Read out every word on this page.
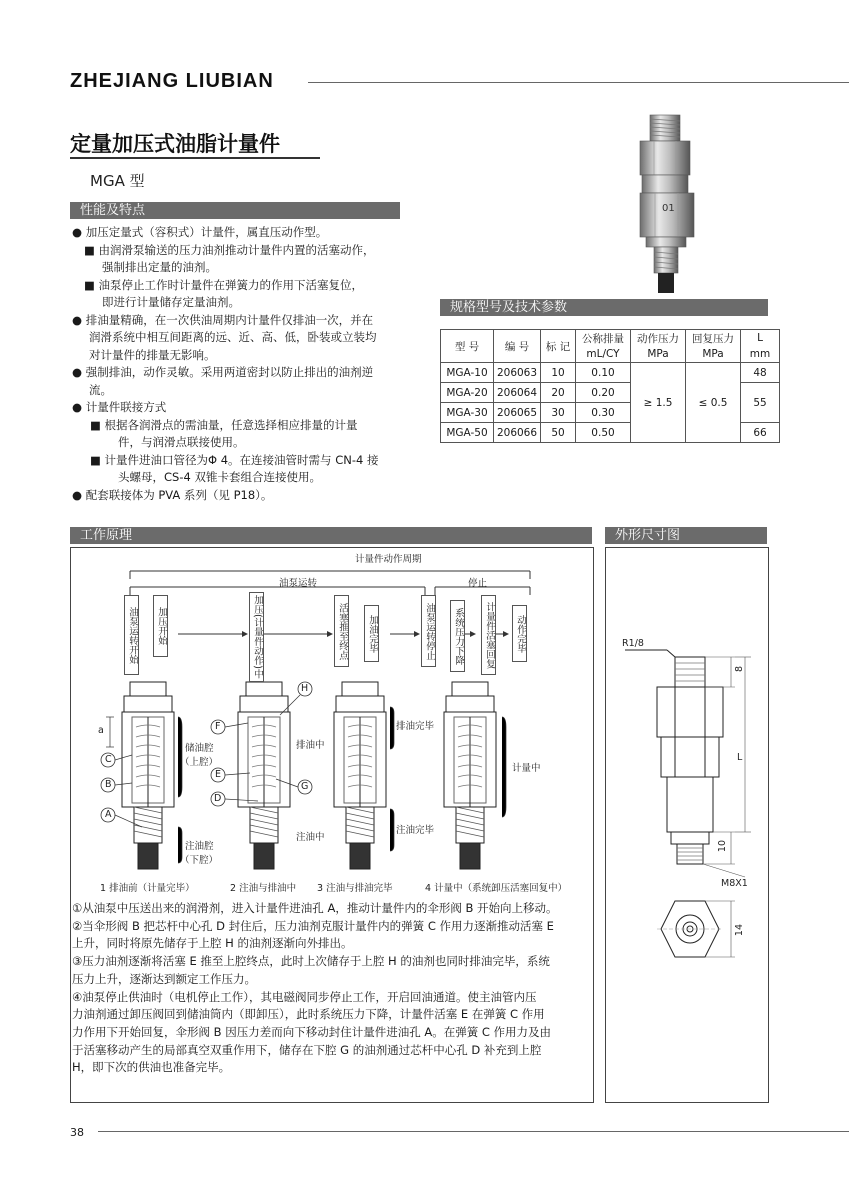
ZHEJIANG LIUBIAN
定量加压式油脂计量件
MGA 型
性能及特点
● 加压定量式（容积式）计量件，属直压动作型。
■ 由润滑泵输送的压力油剂推动计量件内置的活塞动作，
强制排出定量的油剂。
■ 油泵停止工作时计量件在弹簧力的作用下活塞复位，
即进行计量储存定量油剂。
● 排油量精确，在一次供油周期内计量件仅排油一次，并在
润滑系统中相互间距离的远、近、高、低，卧装或立装均
对计量件的排量无影响。
● 强制排油，动作灵敏。采用两道密封以防止排出的油剂逆
流。
● 计量件联接方式
■ 根据各润滑点的需油量，任意选择相应排量的计量
件，与润滑点联接使用。
■ 计量件进油口管径为Φ 4。在连接油管时需与 CN-4 接
头螺母，CS-4 双锥卡套组合连接使用。
● 配套联接体为 PVA 系列（见 P18）。
01
规格型号及技术参数
型 号	编 号	标 记	公称排量	动作压力	回复压力	L
			mL/CY	MPa	MPa	mm
MGA-10	206063	10	0.10	≥ 1.5	≤ 0.5	48
MGA-20	206064	20	0.20			55
MGA-30	206065	30	0.30			
MGA-50	206066	50	0.50			66
工作原理
计量件动作周期
油泵运转	停止
油泵运转开始	加压开始	加压(计量件动作)中	活塞推至终点	加油完毕	油泵运转停止	系统压力下降	计量件活塞回复	动作完毕
a
C
B
A
F
E
D
H
G
储油腔
（上腔）
注油腔
（下腔）
排油中
注油中
排油完毕
注油完毕
计量中
1 排油前（计量完毕）	2 注油与排油中 3 注油与排油完毕	4 计量中（系统卸压活塞回复中）
①从油泵中压送出来的润滑剂，进入计量件进油孔 A，推动计量件内的伞形阀 B 开始向上移动。
②当伞形阀 B 把芯杆中心孔 D 封住后，压力油剂克服计量件内的弹簧 C 作用力逐渐推动活塞 E
上升，同时将原先储存于上腔 H 的油剂逐渐向外排出。
③压力油剂逐渐将活塞 E 推至上腔终点，此时上次储存于上腔 H 的油剂也同时排油完毕，系统
压力上升，逐渐达到额定工作压力。
④油泵停止供油时（电机停止工作），其电磁阀同步停止工作，开启回油通道。使主油管内压
力油剂通过卸压阀回到储油筒内（即卸压），此时系统压力下降，计量件活塞 E 在弹簧 C 作用
力作用下开始回复，伞形阀 B 因压力差而向下移动封住计量件进油孔 A。在弹簧 C 作用力及由
于活塞移动产生的局部真空双重作用下，储存在下腔 G 的油剂通过芯杆中心孔 D 补充到上腔
H，即下次的供油也准备完毕。
外形尺寸图
R1/8
8
L
10
M8X1
14
38
